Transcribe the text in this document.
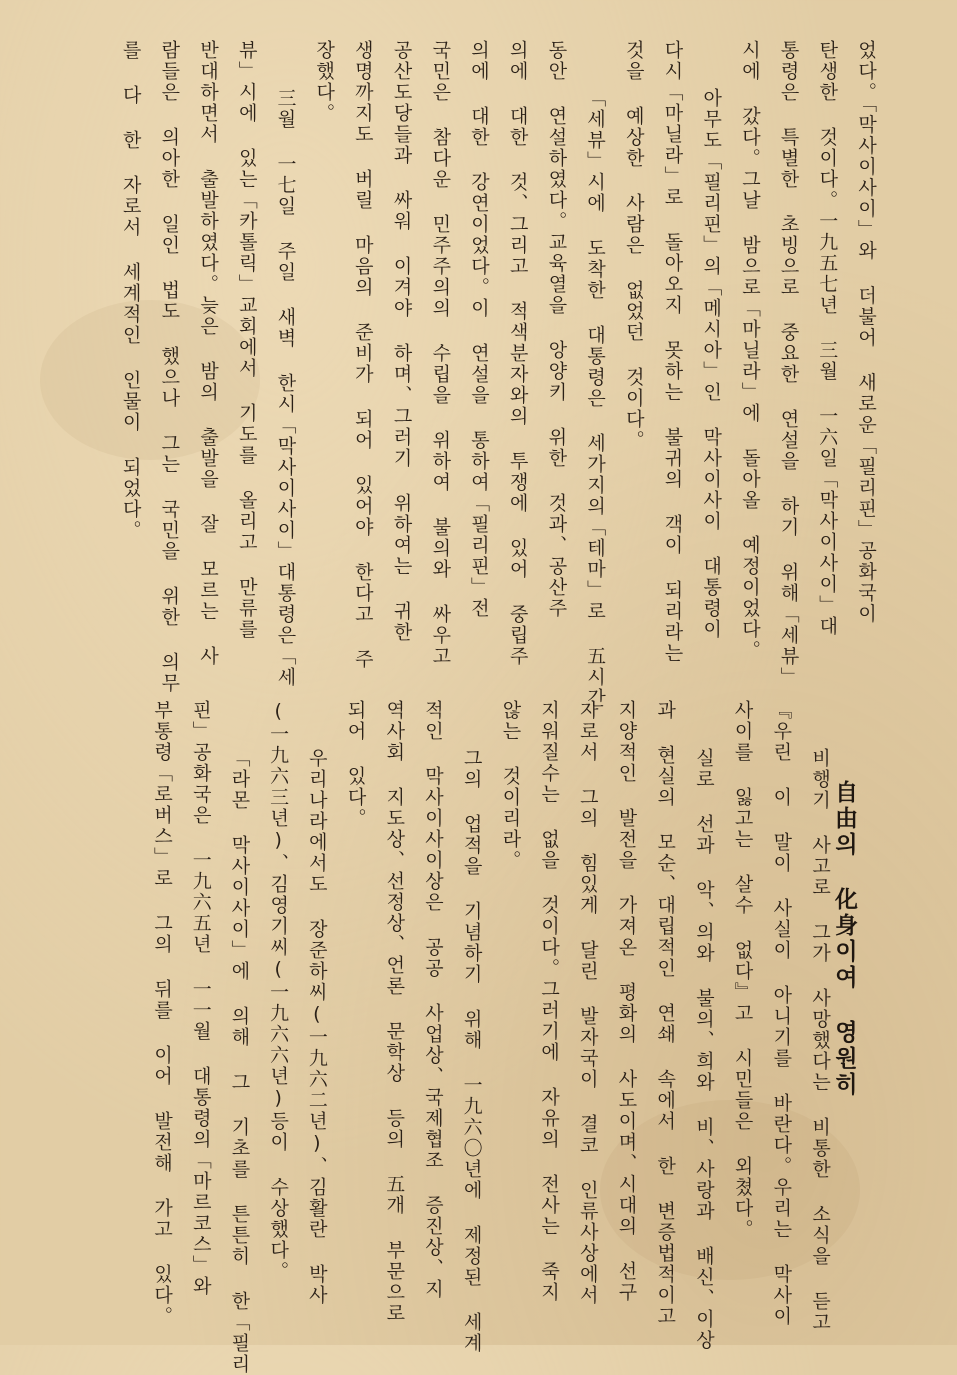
었다。「막사이사이」와 더불어 새로운「필리핀」공화국이
탄생한 것이다。一九五七년 三월 一六일「막사이사이」대
통령은 특별한 초빙으로 중요한 연설을 하기 위해「세뷰」
시에 갔다。그날 밤으로「마닐라」에 돌아올 예정이었다。
아무도「필리핀」의「메시아」인 막사이사이 대통령이
다시「마닐라」로 돌아오지 못하는 불귀의 객이 되리라는
것을 예상한 사람은 없었던 것이다。
「세뷰」시에 도착한 대통령은 세가지의「테마」로 五시간
동안 연설하였다。교육열을 앙양키 위한 것과、공산주
의에 대한 것、그리고 적색분자와의 투쟁에 있어 중립주
의에 대한 강연이었다。이 연설을 통하여「필리핀」전
국민은 참다운 민주주의의 수립을 위하여 불의와 싸우고
공산도당들과 싸워 이겨야 하며、그러기 위하여는 귀한
생명까지도 버릴 마음의 준비가 되어 있어야 한다고 주
장했다。
三월 一七일 주일 새벽 한시「막사이사이」대통령은「세
뷰」시에 있는「카톨릭」교회에서 기도를 올리고 만류를
반대하면서 출발하였다。늦은 밤의 출발을 잘 모르는 사
람들은 의아한 일인 법도 했으나 그는 국민을 위한 의무
를 다 한 자로서 세계적인 인물이 되었다。
自由의 化身이여 영원히
비행기 사고로 그가 사망했다는 비통한 소식을 듣고
『우린 이 말이 사실이 아니기를 바란다。우리는 막사이
사이를 잃고는 살수 없다』고 시민들은 외쳤다。
실로 선과 악、의와 불의、희와 비、사랑과 배신、이상
과 현실의 모순、대립적인 연쇄 속에서 한 변증법적이고
지양적인 발전을 가져온 평화의 사도이며、시대의 선구
자로서 그의 힘있게 달린 발자국이 결코 인류사상에서
지워질수는 없을 것이다。그러기에 자유의 전사는 죽지
않는 것이리라。
그의 업적을 기념하기 위해 一九六〇년에 제정된 세계
적인 막사이사이상은 공공 사업상、국제협조 증진상、지
역사회 지도상、선정상、언론 문학상 등의 五개 부문으로
되어 있다。
우리나라에서도 장준하씨(一九六二년)、김활란 박사
(一九六三년)、김영기씨(一九六六년)등이 수상했다。
「라몬 막사이사이」에 의해 그 기초를 튼튼히 한「필리
핀」공화국은 一九六五년 一一월 대통령의「마르코스」와
부통령「로버스」로 그의 뒤를 이어 발전해 가고 있다。
